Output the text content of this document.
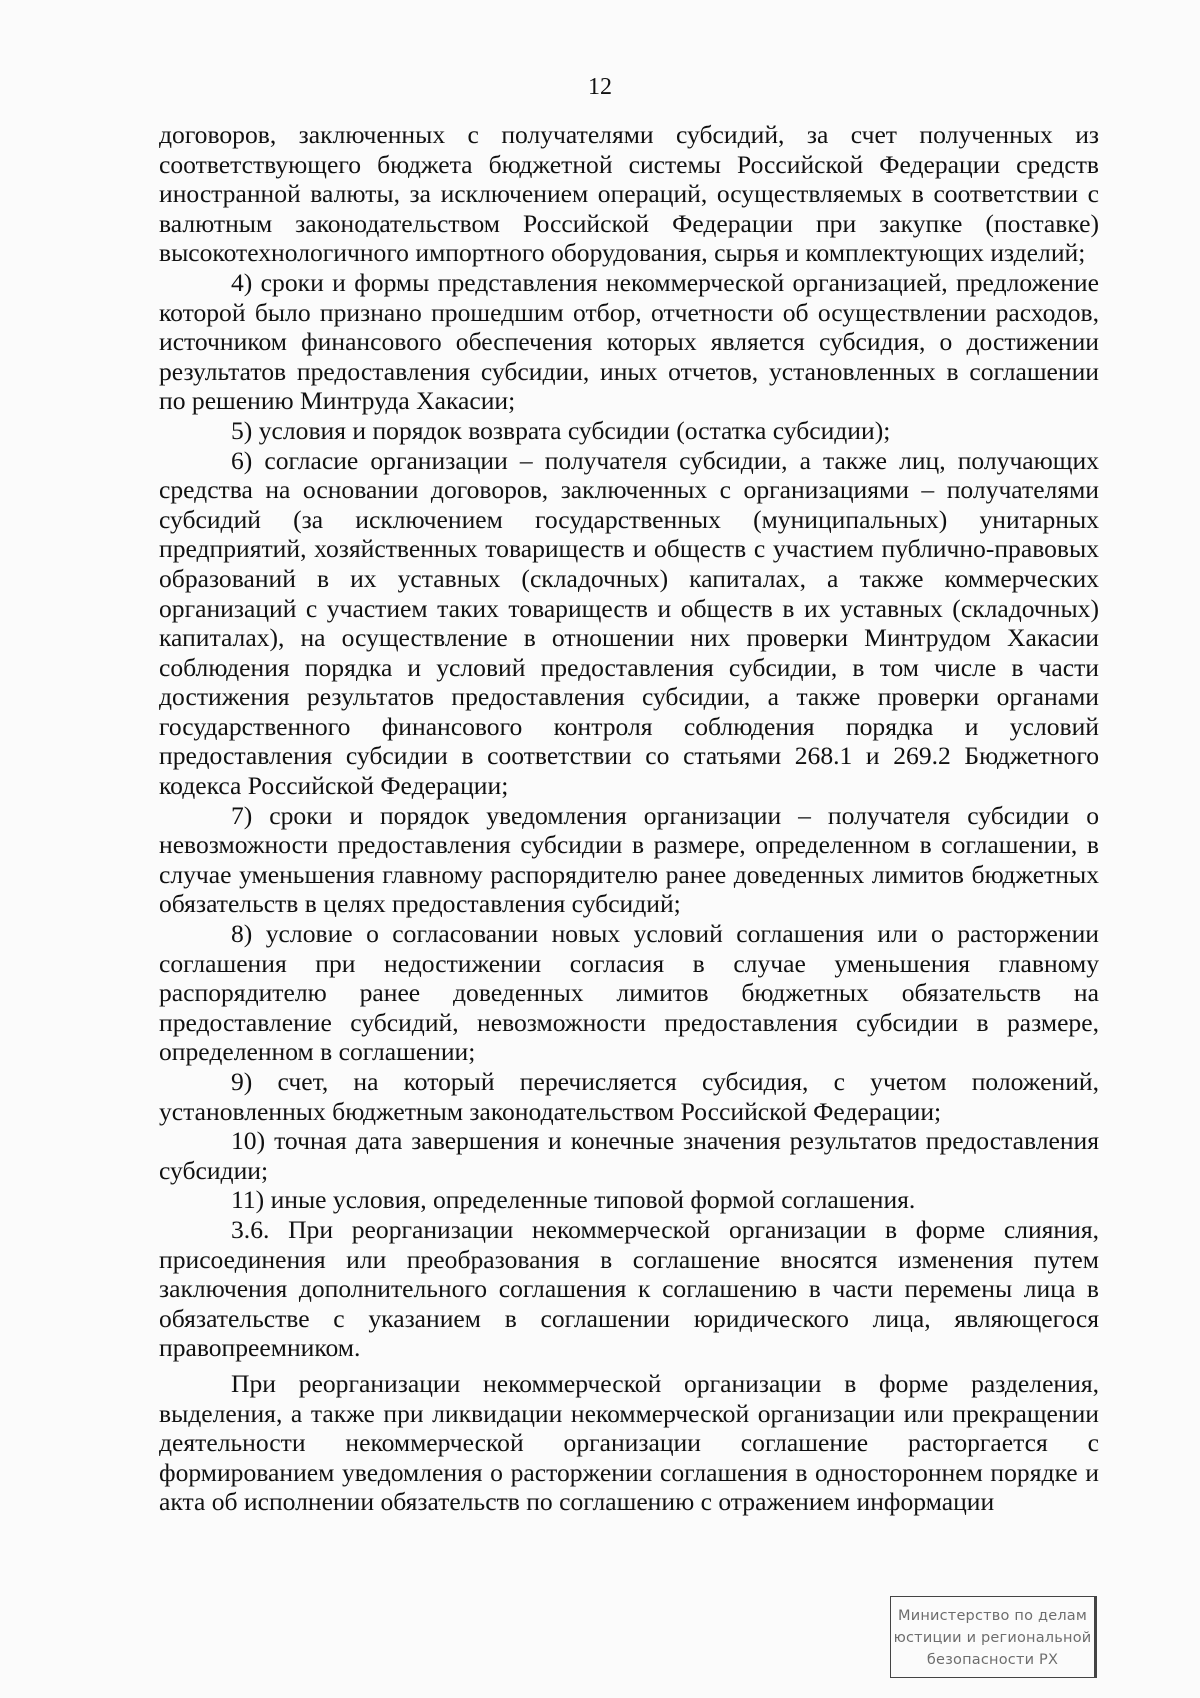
12

договоров, заключенных с получателями субсидий, за счет полученных из соответствующего бюджета бюджетной системы Российской Федерации средств иностранной валюты, за исключением операций, осуществляемых в соответствии с валютным законодательством Российской Федерации при закупке (поставке) высокотехнологичного импортного оборудования, сырья и комплектующих изделий;

4) сроки и формы представления некоммерческой организацией, предложение которой было признано прошедшим отбор, отчетности об осуществлении расходов, источником финансового обеспечения которых является субсидия, о достижении результатов предоставления субсидии, иных отчетов, установленных в соглашении по решению Минтруда Хакасии;

5) условия и порядок возврата субсидии (остатка субсидии);

6) согласие организации – получателя субсидии, а также лиц, получающих средства на основании договоров, заключенных с организациями – получателями субсидий (за исключением государственных (муниципальных) унитарных предприятий, хозяйственных товариществ и обществ с участием публично-правовых образований в их уставных (складочных) капиталах, а также коммерческих организаций с участием таких товариществ и обществ в их уставных (складочных) капиталах), на осуществление в отношении них проверки Минтрудом Хакасии соблюдения порядка и условий предоставления субсидии, в том числе в части достижения результатов предоставления субсидии, а также проверки органами государственного финансового контроля соблюдения порядка и условий предоставления субсидии в соответствии со статьями 268.1 и 269.2 Бюджетного кодекса Российской Федерации;

7) сроки и порядок уведомления организации – получателя субсидии о невозможности предоставления субсидии в размере, определенном в соглашении, в случае уменьшения главному распорядителю ранее доведенных лимитов бюджетных обязательств в целях предоставления субсидий;

8) условие о согласовании новых условий соглашения или о расторжении соглашения при недостижении согласия в случае уменьшения главному распорядителю ранее доведенных лимитов бюджетных обязательств на предоставление субсидий, невозможности предоставления субсидии в размере, определенном в соглашении;

9) счет, на который перечисляется субсидия, с учетом положений, установленных бюджетным законодательством Российской Федерации;

10) точная дата завершения и конечные значения результатов предоставления субсидии;

11) иные условия, определенные типовой формой соглашения.

3.6. При реорганизации некоммерческой организации в форме слияния, присоединения или преобразования в соглашение вносятся изменения путем заключения дополнительного соглашения к соглашению в части перемены лица в обязательстве с указанием в соглашении юридического лица, являющегося правопреемником.

При реорганизации некоммерческой организации в форме разделения, выделения, а также при ликвидации некоммерческой организации или прекращении деятельности некоммерческой организации соглашение расторгается с формированием уведомления о расторжении соглашения в одностороннем порядке и акта об исполнении обязательств по соглашению с отражением информации

Министерство по делам
юстиции и региональной
безопасности РХ
